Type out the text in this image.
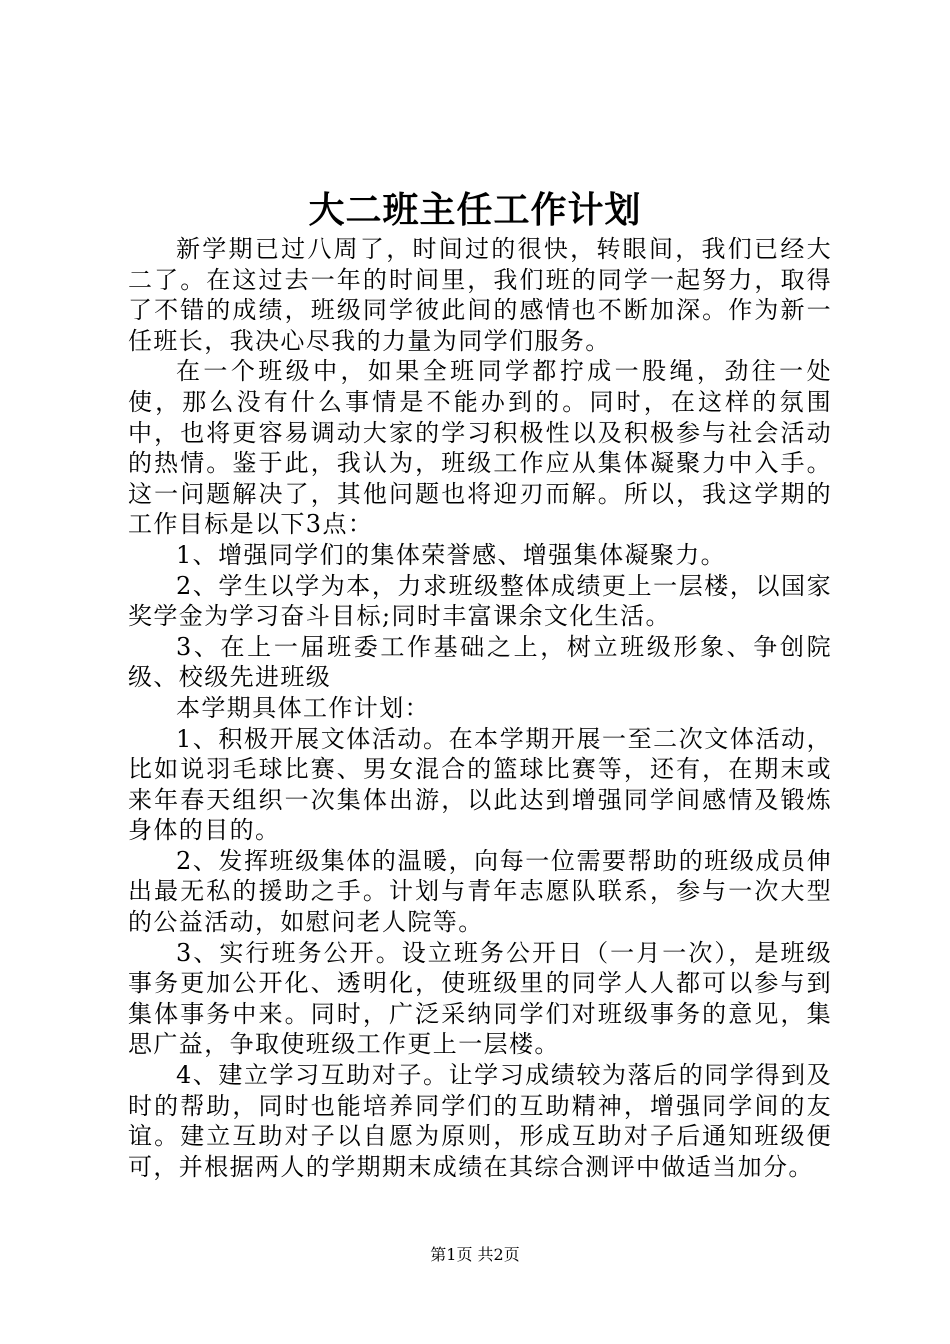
大二班主任工作计划

新学期已过八周了，时间过的很快，转眼间，我们已经大二了。在这过去一年的时间里，我们班的同学一起努力，取得了不错的成绩，班级同学彼此间的感情也不断加深。作为新一任班长，我决心尽我的力量为同学们服务。

在一个班级中，如果全班同学都拧成一股绳，劲往一处使，那么没有什么事情是不能办到的。同时，在这样的氛围中，也将更容易调动大家的学习积极性以及积极参与社会活动的热情。鉴于此，我认为，班级工作应从集体凝聚力中入手。这一问题解决了，其他问题也将迎刃而解。所以，我这学期的工作目标是以下3点：

1、增强同学们的集体荣誉感、增强集体凝聚力。

2、学生以学为本，力求班级整体成绩更上一层楼，以国家奖学金为学习奋斗目标;同时丰富课余文化生活。

3、在上一届班委工作基础之上，树立班级形象、争创院级、校级先进班级

本学期具体工作计划：

1、积极开展文体活动。在本学期开展一至二次文体活动，比如说羽毛球比赛、男女混合的篮球比赛等，还有，在期末或来年春天组织一次集体出游，以此达到增强同学间感情及锻炼身体的目的。

2、发挥班级集体的温暖，向每一位需要帮助的班级成员伸出最无私的援助之手。计划与青年志愿队联系，参与一次大型的公益活动，如慰问老人院等。

3、实行班务公开。设立班务公开日（一月一次），是班级事务更加公开化、透明化，使班级里的同学人人都可以参与到集体事务中来。同时，广泛采纳同学们对班级事务的意见，集思广益，争取使班级工作更上一层楼。

4、建立学习互助对子。让学习成绩较为落后的同学得到及时的帮助，同时也能培养同学们的互助精神，增强同学间的友谊。建立互助对子以自愿为原则，形成互助对子后通知班级便可，并根据两人的学期期末成绩在其综合测评中做适当加分。

第1页 共2页
